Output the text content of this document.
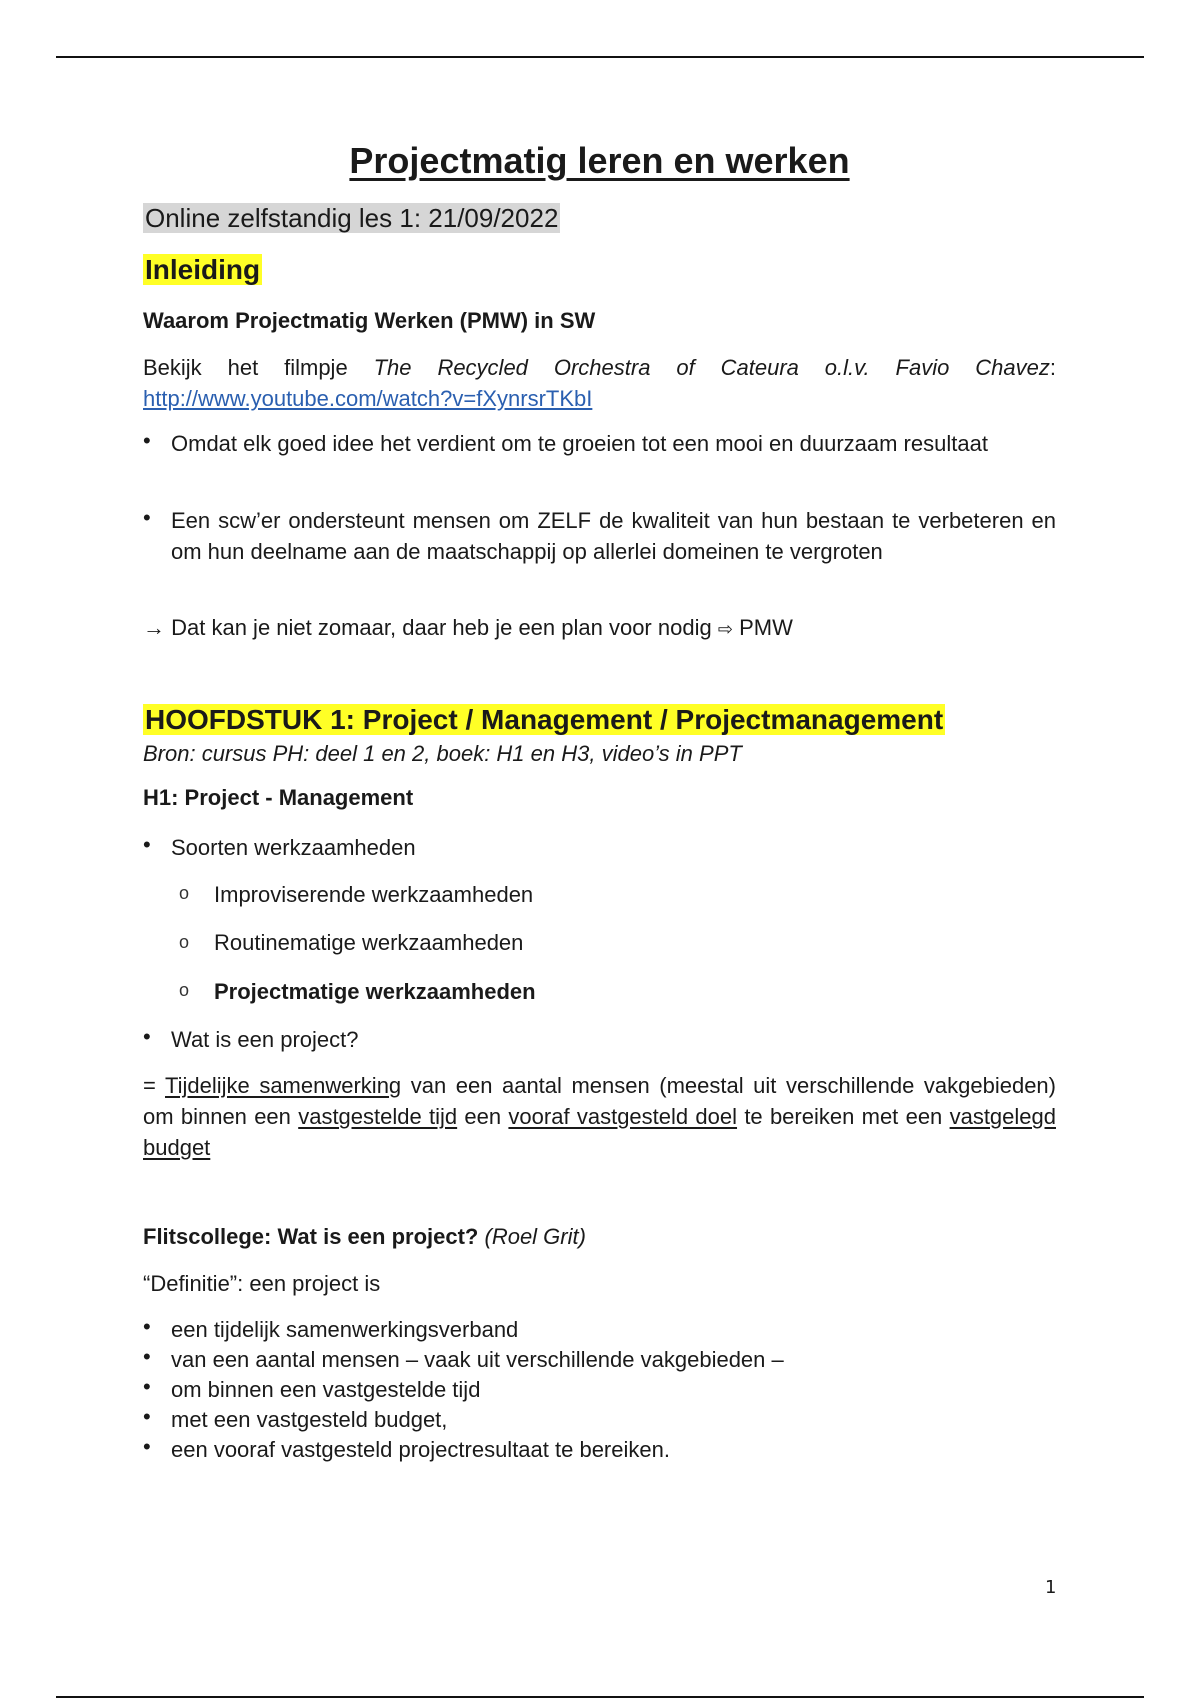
Projectmatig leren en werken
Online zelfstandig les 1: 21/09/2022
Inleiding
Waarom Projectmatig Werken (PMW) in SW
Bekijk het filmpje The Recycled Orchestra of Cateura o.l.v. Favio Chavez: http://www.youtube.com/watch?v=fXynrsrTKbI
• Omdat elk goed idee het verdient om te groeien tot een mooi en duurzaam resultaat
• Een scw’er ondersteunt mensen om ZELF de kwaliteit van hun bestaan te verbeteren en om hun deelname aan de maatschappij op allerlei domeinen te vergroten
→ Dat kan je niet zomaar, daar heb je een plan voor nodig ⇨ PMW
HOOFDSTUK 1: Project / Management / Projectmanagement
Bron: cursus PH: deel 1 en 2, boek: H1 en H3, video’s in PPT
H1: Project - Management
• Soorten werkzaamheden
o Improviserende werkzaamheden
o Routinematige werkzaamheden
o Projectmatige werkzaamheden
• Wat is een project?
= Tijdelijke samenwerking van een aantal mensen (meestal uit verschillende vakgebieden) om binnen een vastgestelde tijd een vooraf vastgesteld doel te bereiken met een vastgelegd budget
Flitscollege: Wat is een project? (Roel Grit)
“Definitie”: een project is
• een tijdelijk samenwerkingsverband
• van een aantal mensen – vaak uit verschillende vakgebieden –
• om binnen een vastgestelde tijd
• met een vastgesteld budget,
• een vooraf vastgesteld projectresultaat te bereiken.
1
